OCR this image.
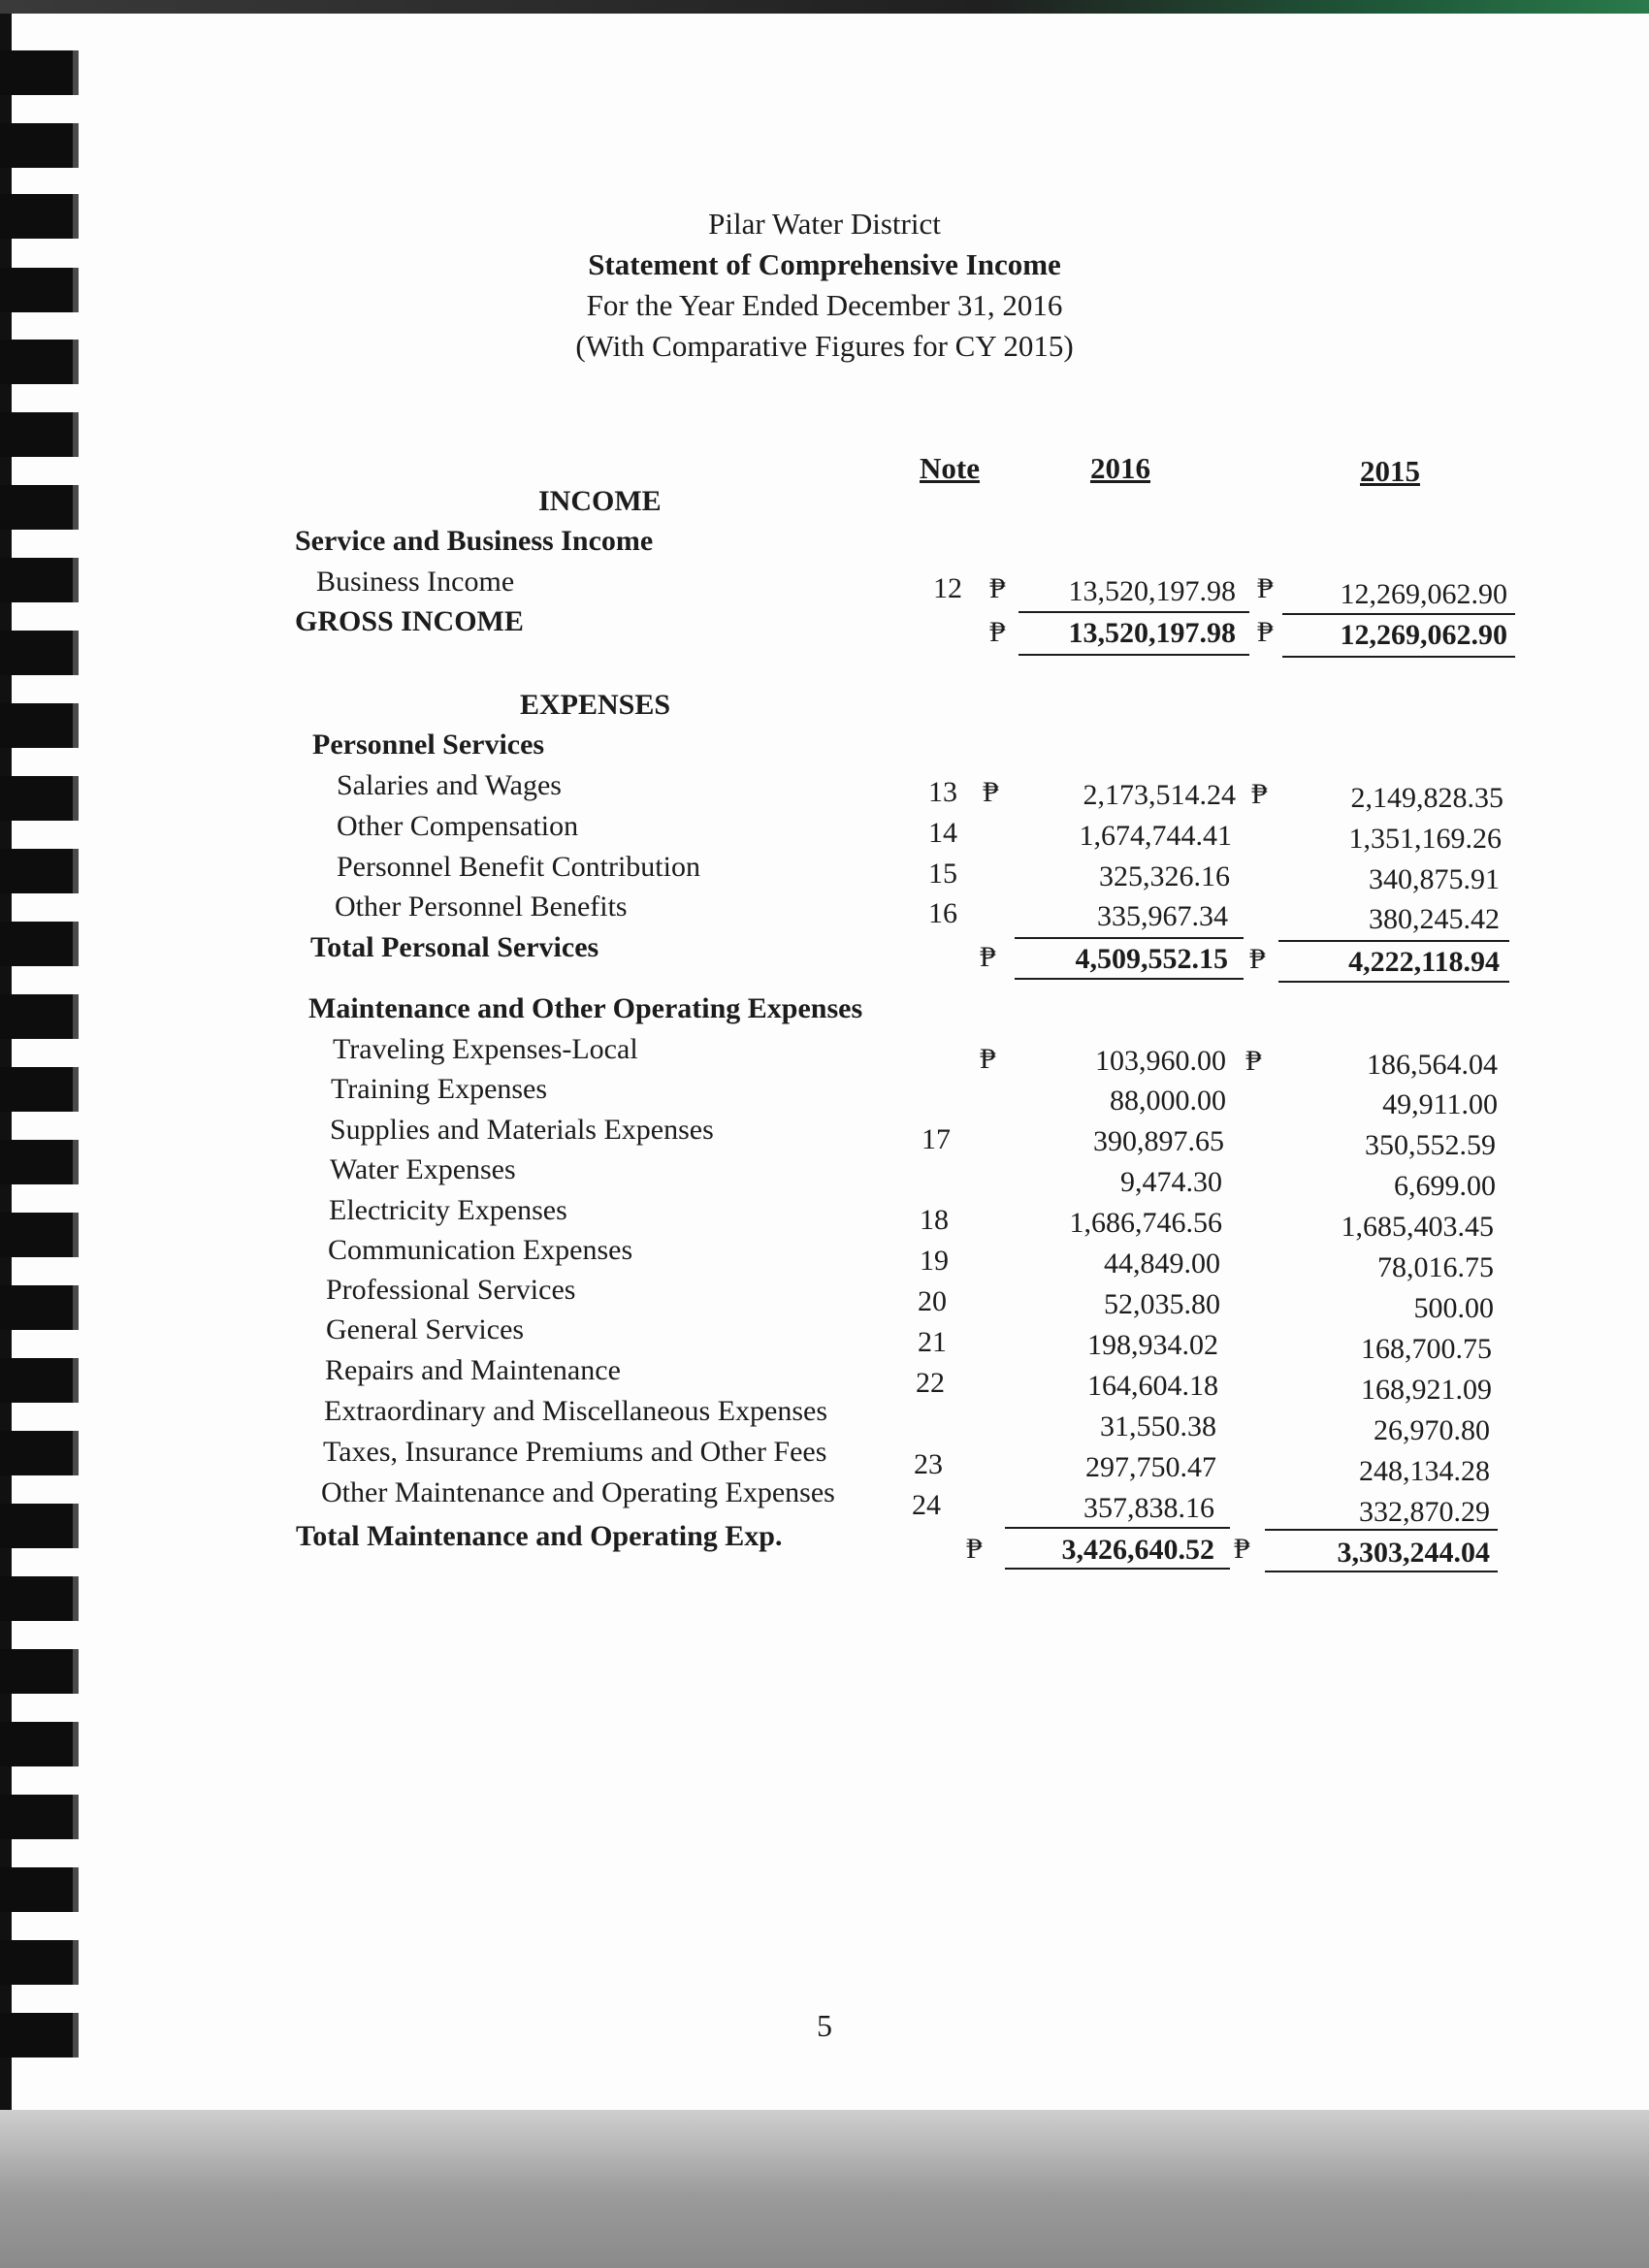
Pilar Water District
Statement of Comprehensive Income
For the Year Ended December 31, 2016
(With Comparative Figures for CY 2015)
Note	2016	2015
INCOME
Service and Business Income
Business Income	12 ₱	13,520,197.98 ₱	12,269,062.90
GROSS INCOME	₱	13,520,197.98 ₱	12,269,062.90
EXPENSES
Personnel Services
Salaries and Wages	13 ₱	2,173,514.24 ₱	2,149,828.35
Other Compensation	14	1,674,744.41	1,351,169.26
Personnel Benefit Contribution	15	325,326.16	340,875.91
Other Personnel Benefits	16	335,967.34	380,245.42
Total Personal Services	₱	4,509,552.15 ₱	4,222,118.94
Maintenance and Other Operating Expenses
Traveling Expenses-Local	₱	103,960.00 ₱	186,564.04
Training Expenses	88,000.00	49,911.00
Supplies and Materials Expenses	17	390,897.65	350,552.59
Water Expenses	9,474.30	6,699.00
Electricity Expenses	18	1,686,746.56	1,685,403.45
Communication Expenses	19	44,849.00	78,016.75
Professional Services	20	52,035.80	500.00
General Services	21	198,934.02	168,700.75
Repairs and Maintenance	22	164,604.18	168,921.09
Extraordinary and Miscellaneous Expenses	31,550.38	26,970.80
Taxes, Insurance Premiums and Other Fees	23	297,750.47	248,134.28
Other Maintenance and Operating Expenses	24	357,838.16	332,870.29
Total Maintenance and Operating Exp.	₱	3,426,640.52 ₱	3,303,244.04
5
